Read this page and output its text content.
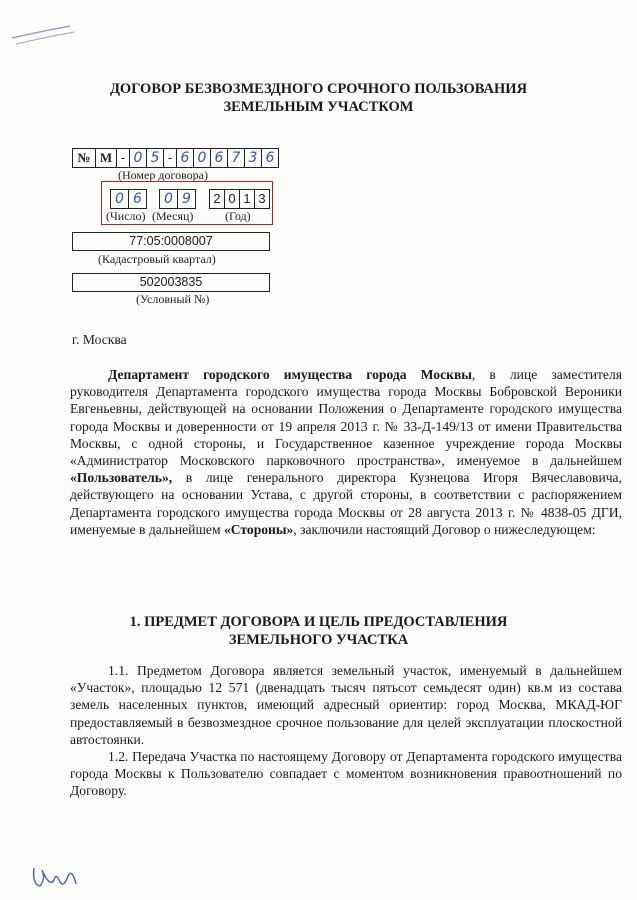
ДОГОВОР БЕЗВОЗМЕЗДНОГО СРОЧНОГО ПОЛЬЗОВАНИЯ
ЗЕМЕЛЬНЫМ УЧАСТКОМ
№ М - 0 5 - 6 0 6 7 3 6
(Номер договора)
0 6 0 9	2 0 1 3
(Число) (Месяц)	(Год)
77:05:0008007
(Кадастровый квартал)
502003835
(Условный №)
г. Москва

Департамент городского имущества города Москвы, в лице заместителя руководителя Департамента городского имущества города Москвы Бобровской Вероники Евгеньевны, действующей на основании Положения о Департаменте городского имущества города Москвы и доверенности от 19 апреля 2013 г. № 33-Д-149/13 от имени Правительства Москвы, с одной стороны, и Государственное казенное учреждение города Москвы «Администратор Московского парковочного пространства», именуемое в дальнейшем «Пользователь», в лице генерального директора Кузнецова Игоря Вячеславовича, действующего на основании Устава, с другой стороны, в соответствии с распоряжением Департамента городского имущества города Москвы от 28 августа 2013 г. № 4838-05 ДГИ, именуемые в дальнейшем «Стороны», заключили настоящий Договор о нижеследующем:

1. ПРЕДМЕТ ДОГОВОРА И ЦЕЛЬ ПРЕДОСТАВЛЕНИЯ
ЗЕМЕЛЬНОГО УЧАСТКА

1.1. Предметом Договора является земельный участок, именуемый в дальнейшем «Участок», площадью 12 571 (двенадцать тысяч пятьсот семьдесят один) кв.м из состава земель населенных пунктов, имеющий адресный ориентир: город Москва, МКАД-ЮГ предоставляемый в безвозмездное срочное пользование для целей эксплуатации плоскостной автостоянки.

1.2. Передача Участка по настоящему Договору от Департамента городского имущества города Москвы к Пользователю совпадает с моментом возникновения правоотношений по Договору.
